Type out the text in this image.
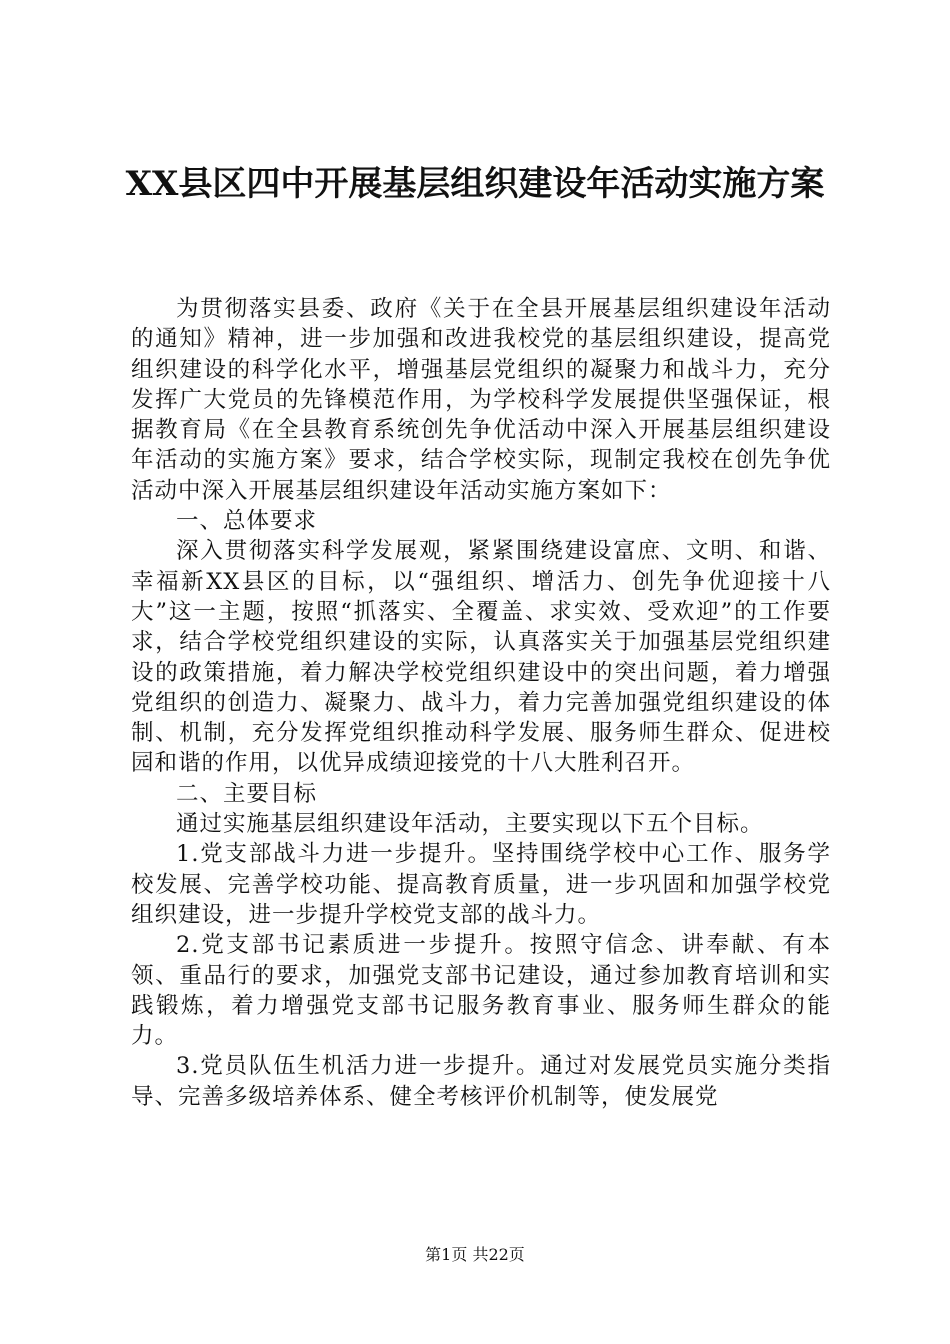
XX县区四中开展基层组织建设年活动实施方案

为贯彻落实县委、政府《关于在全县开展基层组织建设年活动的通知》精神，进一步加强和改进我校党的基层组织建设，提高党组织建设的科学化水平，增强基层党组织的凝聚力和战斗力，充分发挥广大党员的先锋模范作用，为学校科学发展提供坚强保证，根据教育局《在全县教育系统创先争优活动中深入开展基层组织建设年活动的实施方案》要求，结合学校实际，现制定我校在创先争优活动中深入开展基层组织建设年活动实施方案如下：

一、总体要求

深入贯彻落实科学发展观，紧紧围绕建设富庶、文明、和谐、幸福新XX县区的目标，以“强组织、增活力、创先争优迎接十八大”这一主题，按照“抓落实、全覆盖、求实效、受欢迎”的工作要求，结合学校党组织建设的实际，认真落实关于加强基层党组织建设的政策措施，着力解决学校党组织建设中的突出问题，着力增强党组织的创造力、凝聚力、战斗力，着力完善加强党组织建设的体制、机制，充分发挥党组织推动科学发展、服务师生群众、促进校园和谐的作用，以优异成绩迎接党的十八大胜利召开。

二、主要目标

通过实施基层组织建设年活动，主要实现以下五个目标。

1.党支部战斗力进一步提升。坚持围绕学校中心工作、服务学校发展、完善学校功能、提高教育质量，进一步巩固和加强学校党组织建设，进一步提升学校党支部的战斗力。

2.党支部书记素质进一步提升。按照守信念、讲奉献、有本领、重品行的要求，加强党支部书记建设，通过参加教育培训和实践锻炼，着力增强党支部书记服务教育事业、服务师生群众的能力。

3.党员队伍生机活力进一步提升。通过对发展党员实施分类指导、完善多级培养体系、健全考核评价机制等，使发展党

第1页 共22页
